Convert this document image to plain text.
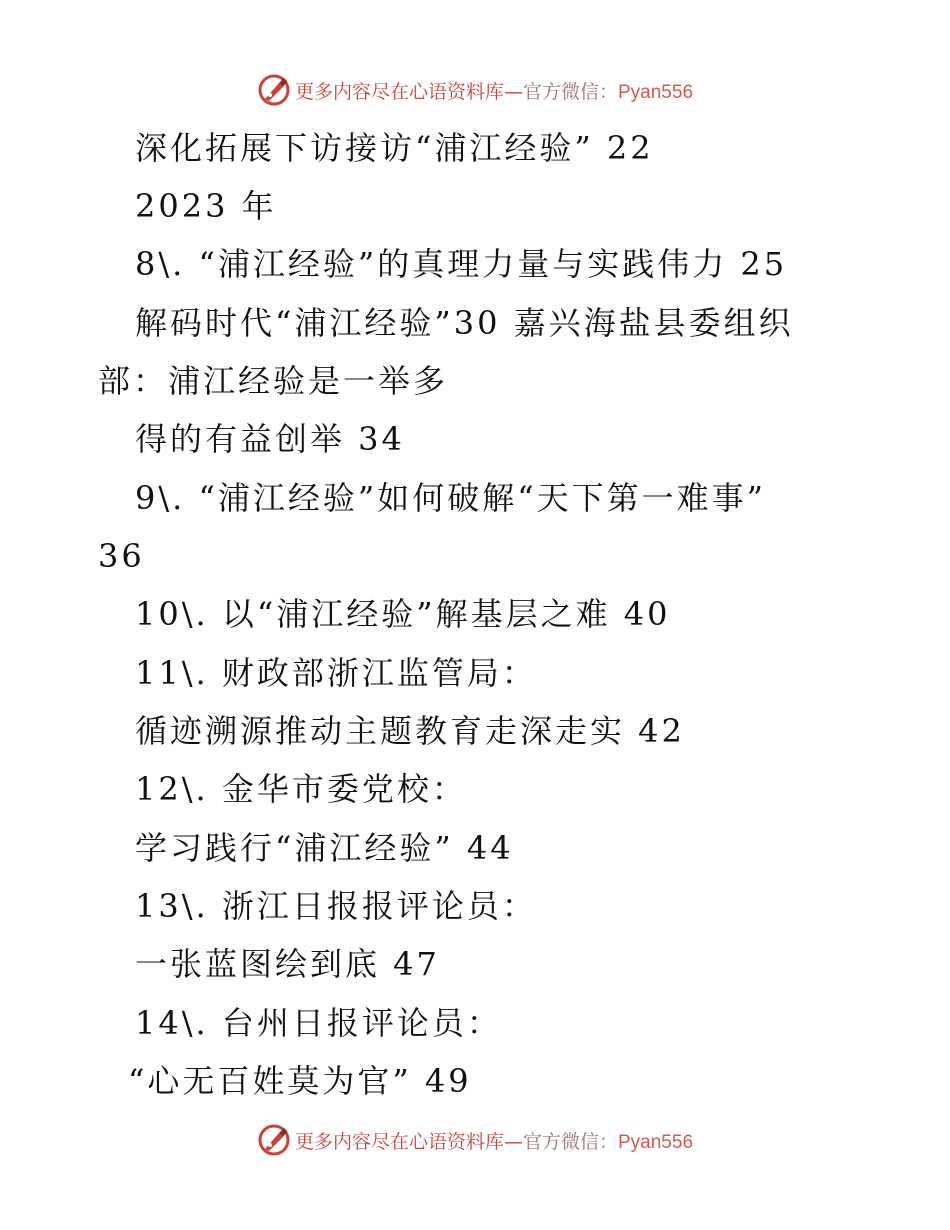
更多内容尽在心语资料库—官方微信：Pyan556
深化拓展下访接访“浦江经验” 22
2023 年
8\. “浦江经验”的真理力量与实践伟力 25
解码时代“浦江经验”30 嘉兴海盐县委组织
部：浦江经验是一举多
得的有益创举 34
9\. “浦江经验”如何破解“天下第一难事”
36
10\. 以“浦江经验”解基层之难 40
11\. 财政部浙江监管局：
循迹溯源推动主题教育走深走实 42
12\. 金华市委党校：
学习践行“浦江经验” 44
13\. 浙江日报报评论员：
一张蓝图绘到底 47
14\. 台州日报评论员：
“心无百姓莫为官” 49
更多内容尽在心语资料库—官方微信：Pyan556
